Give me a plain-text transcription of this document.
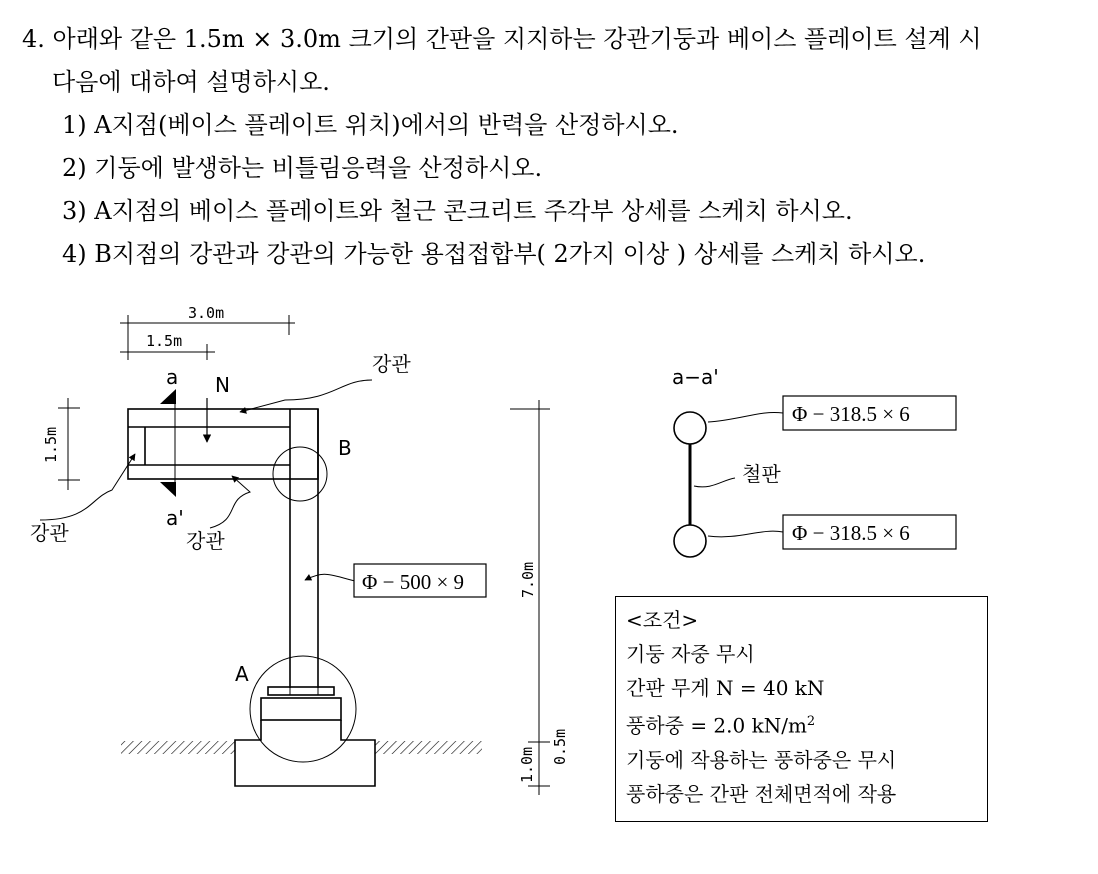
4. 아래와 같은 1.5m × 3.0m 크기의 간판을 지지하는 강관기둥과 베이스 플레이트 설계 시
다음에 대하여 설명하시오.
1) A지점(베이스 플레이트 위치)에서의 반력을 산정하시오.
2) 기둥에 발생하는 비틀림응력을 산정하시오.
3) A지점의 베이스 플레이트와 철근 콘크리트 주각부 상세를 스케치 하시오.
4) B지점의 강관과 강관의 가능한 용접접합부( 2가지 이상 ) 상세를 스케치 하시오.
3.0m
1.5m
1.5m
a
a'
N
강관
강관	강관
B
Φ − 500 × 9
A
7.0m
0.5m
1.0m
a−a'
Φ − 318.5 × 6
철판
Φ − 318.5 × 6
<조건>
기둥 자중 무시
간판 무게 N = 40 kN
풍하중 = 2.0 $kN/m^2$
기둥에 작용하는 풍하중은 무시
풍하중은 간판 전체면적에 작용
